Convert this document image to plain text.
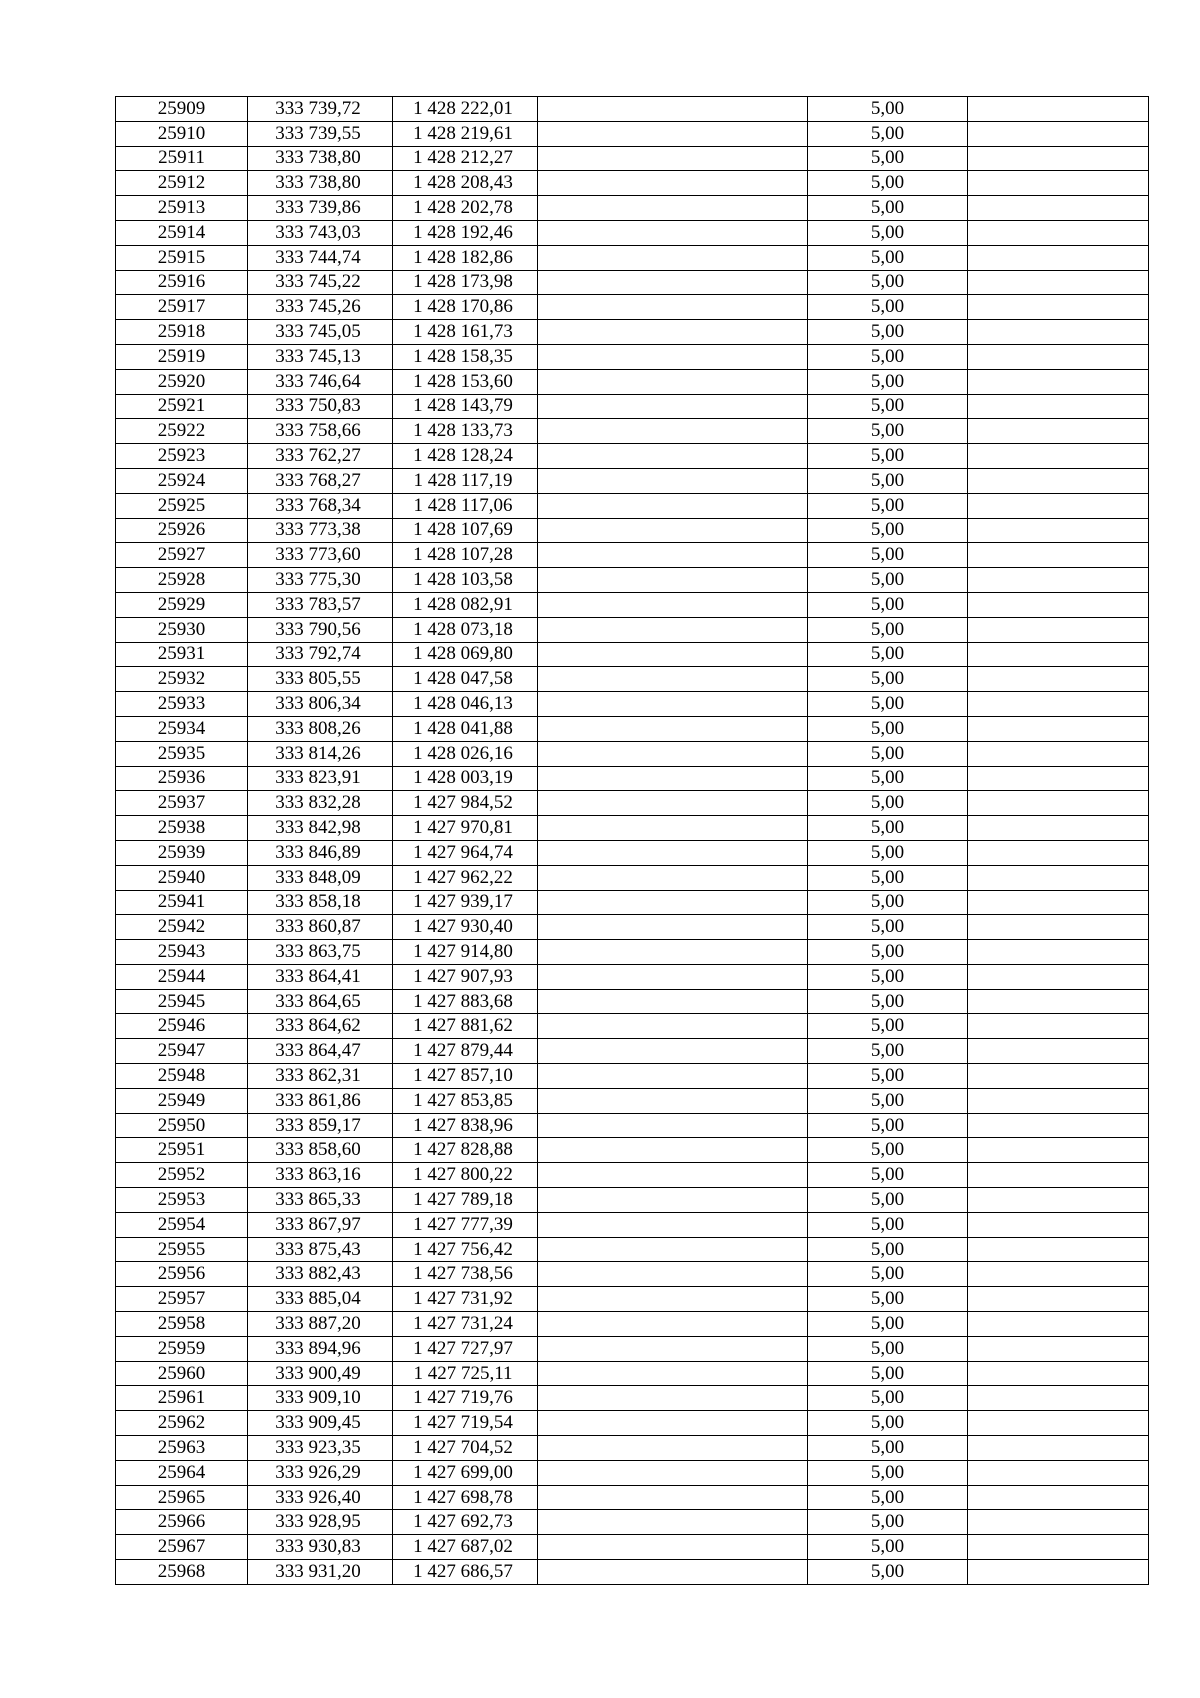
25909	333 739,72	1 428 222,01		5,00	
25910	333 739,55	1 428 219,61		5,00	
25911	333 738,80	1 428 212,27		5,00	
25912	333 738,80	1 428 208,43		5,00	
25913	333 739,86	1 428 202,78		5,00	
25914	333 743,03	1 428 192,46		5,00	
25915	333 744,74	1 428 182,86		5,00	
25916	333 745,22	1 428 173,98		5,00	
25917	333 745,26	1 428 170,86		5,00	
25918	333 745,05	1 428 161,73		5,00	
25919	333 745,13	1 428 158,35		5,00	
25920	333 746,64	1 428 153,60		5,00	
25921	333 750,83	1 428 143,79		5,00	
25922	333 758,66	1 428 133,73		5,00	
25923	333 762,27	1 428 128,24		5,00	
25924	333 768,27	1 428 117,19		5,00	
25925	333 768,34	1 428 117,06		5,00	
25926	333 773,38	1 428 107,69		5,00	
25927	333 773,60	1 428 107,28		5,00	
25928	333 775,30	1 428 103,58		5,00	
25929	333 783,57	1 428 082,91		5,00	
25930	333 790,56	1 428 073,18		5,00	
25931	333 792,74	1 428 069,80		5,00	
25932	333 805,55	1 428 047,58		5,00	
25933	333 806,34	1 428 046,13		5,00	
25934	333 808,26	1 428 041,88		5,00	
25935	333 814,26	1 428 026,16		5,00	
25936	333 823,91	1 428 003,19		5,00	
25937	333 832,28	1 427 984,52		5,00	
25938	333 842,98	1 427 970,81		5,00	
25939	333 846,89	1 427 964,74		5,00	
25940	333 848,09	1 427 962,22		5,00	
25941	333 858,18	1 427 939,17		5,00	
25942	333 860,87	1 427 930,40		5,00	
25943	333 863,75	1 427 914,80		5,00	
25944	333 864,41	1 427 907,93		5,00	
25945	333 864,65	1 427 883,68		5,00	
25946	333 864,62	1 427 881,62		5,00	
25947	333 864,47	1 427 879,44		5,00	
25948	333 862,31	1 427 857,10		5,00	
25949	333 861,86	1 427 853,85		5,00	
25950	333 859,17	1 427 838,96		5,00	
25951	333 858,60	1 427 828,88		5,00	
25952	333 863,16	1 427 800,22		5,00	
25953	333 865,33	1 427 789,18		5,00	
25954	333 867,97	1 427 777,39		5,00	
25955	333 875,43	1 427 756,42		5,00	
25956	333 882,43	1 427 738,56		5,00	
25957	333 885,04	1 427 731,92		5,00	
25958	333 887,20	1 427 731,24		5,00	
25959	333 894,96	1 427 727,97		5,00	
25960	333 900,49	1 427 725,11		5,00	
25961	333 909,10	1 427 719,76		5,00	
25962	333 909,45	1 427 719,54		5,00	
25963	333 923,35	1 427 704,52		5,00	
25964	333 926,29	1 427 699,00		5,00	
25965	333 926,40	1 427 698,78		5,00	
25966	333 928,95	1 427 692,73		5,00	
25967	333 930,83	1 427 687,02		5,00	
25968	333 931,20	1 427 686,57		5,00	
